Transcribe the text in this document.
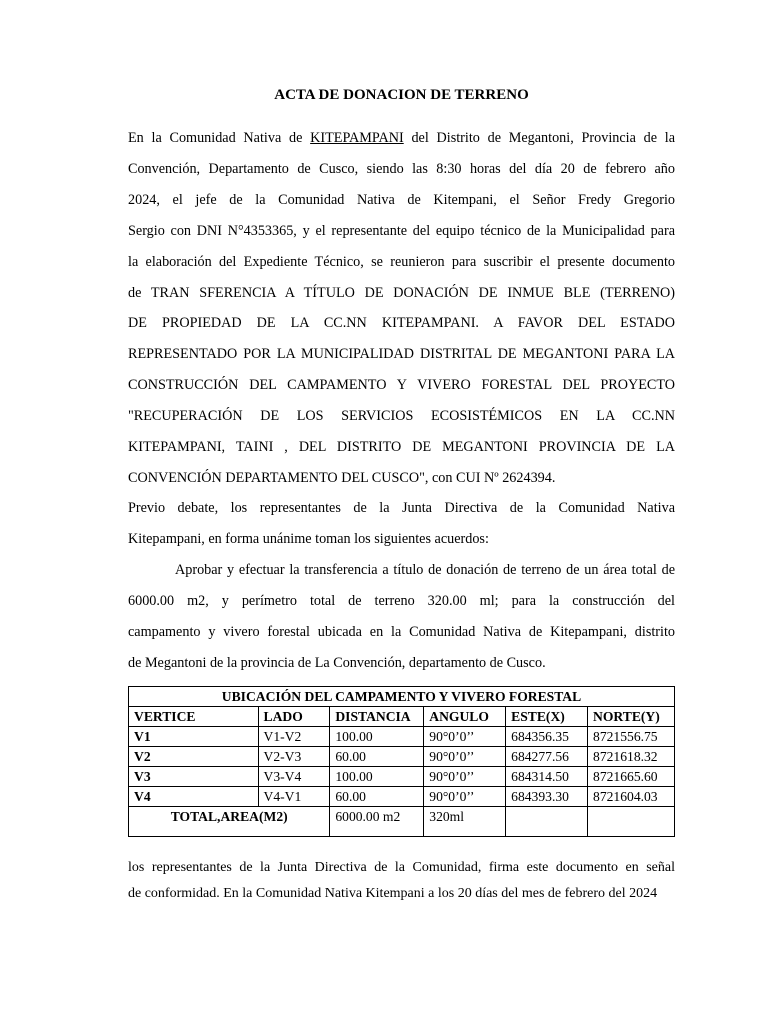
ACTA DE DONACION DE TERRENO
En la Comunidad Nativa de KITEPAMPANI del Distrito de Megantoni, Provincia de la
Convención, Departamento de Cusco, siendo las 8:30 horas del día 20 de febrero año
2024, el jefe de la Comunidad Nativa de Kitempani, el Señor Fredy Gregorio
Sergio con DNI N°4353365, y el representante del equipo técnico de la Municipalidad para
la elaboración del Expediente Técnico, se reunieron para suscribir el presente documento
de TRAN SFERENCIA A TÍTULO DE DONACIÓN DE INMUE BLE (TERRENO)
DE PROPIEDAD DE LA CC.NN KITEPAMPANI. A FAVOR DEL ESTADO
REPRESENTADO POR LA MUNICIPALIDAD DISTRITAL DE MEGANTONI PARA LA
CONSTRUCCIÓN DEL CAMPAMENTO Y VIVERO FORESTAL DEL PROYECTO
"RECUPERACIÓN DE LOS SERVICIOS ECOSISTÉMICOS EN LA CC.NN
KITEPAMPANI, TAINI , DEL DISTRITO DE MEGANTONI PROVINCIA DE LA
CONVENCIÓN DEPARTAMENTO DEL CUSCO", con CUI Nº 2624394.
Previo debate, los representantes de la Junta Directiva de la Comunidad Nativa
Kitepampani, en forma unánime toman los siguientes acuerdos:
Aprobar y efectuar la transferencia a título de donación de terreno de un área total de
6000.00 m2, y perímetro total de terreno 320.00 ml; para la construcción del
campamento y vivero forestal ubicada en la Comunidad Nativa de Kitepampani, distrito
de Megantoni de la provincia de La Convención, departamento de Cusco.
UBICACIÓN DEL CAMPAMENTO Y VIVERO FORESTAL					
VERTICE	LADO	DISTANCIA	ANGULO	ESTE(X)	NORTE(Y)
V1	V1-V2	100.00	90°0’0’’	684356.35	8721556.75
V2	V2-V3	60.00	90°0’0’’	684277.56	8721618.32
V3	V3-V4	100.00	90°0’0’’	684314.50	8721665.60
V4	V4-V1	60.00	90°0’0’’	684393.30	8721604.03
TOTAL,AREA(M2)		6000.00 m2	320ml		
los representantes de la Junta Directiva de la Comunidad, firma este documento en señal
de conformidad. En la Comunidad Nativa Kitempani a los 20 días del mes de febrero del 2024
